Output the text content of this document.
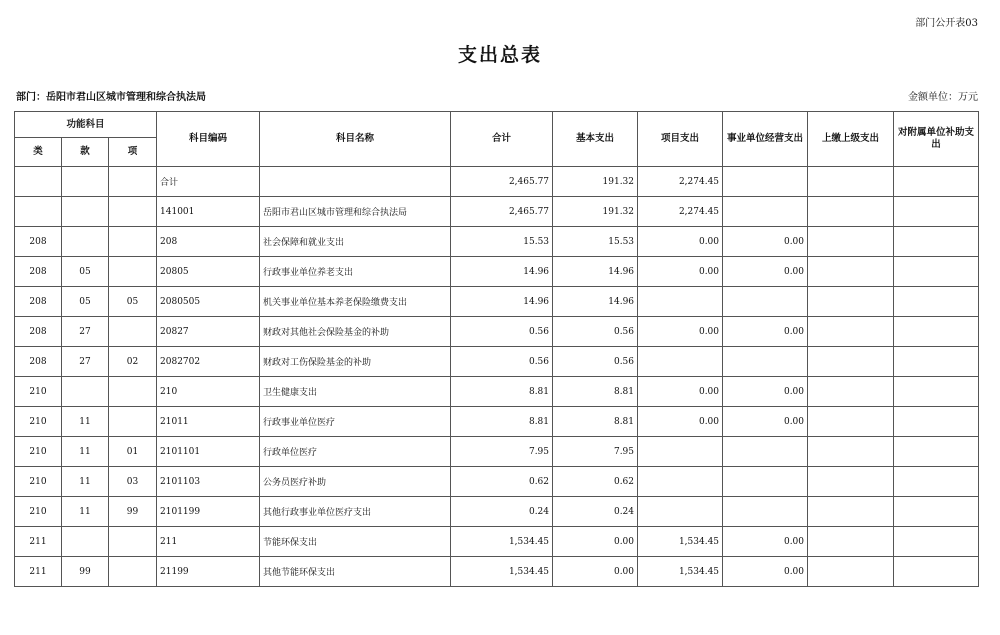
部门公开表03
支出总表
部门：岳阳市君山区城市管理和综合执法局	金额单位：万元
功能科目			科目编码	科目名称	合计	基本支出	项目支出	事业单位经营支出	上缴上级支出	对附属单位补助支出
类	款	项								
			合计		2,465.77	191.32	2,274.45			
			141001	岳阳市君山区城市管理和综合执法局	2,465.77	191.32	2,274.45			
208			208	社会保障和就业支出	15.53	15.53	0.00	0.00		
208	05		20805	行政事业单位养老支出	14.96	14.96	0.00	0.00		
208	05	05	2080505	机关事业单位基本养老保险缴费支出	14.96	14.96				
208	27		20827	财政对其他社会保险基金的补助	0.56	0.56	0.00	0.00		
208	27	02	2082702	财政对工伤保险基金的补助	0.56	0.56				
210			210	卫生健康支出	8.81	8.81	0.00	0.00		
210	11		21011	行政事业单位医疗	8.81	8.81	0.00	0.00		
210	11	01	2101101	行政单位医疗	7.95	7.95				
210	11	03	2101103	公务员医疗补助	0.62	0.62				
210	11	99	2101199	其他行政事业单位医疗支出	0.24	0.24				
211			211	节能环保支出	1,534.45	0.00	1,534.45	0.00		
211	99		21199	其他节能环保支出	1,534.45	0.00	1,534.45	0.00		
